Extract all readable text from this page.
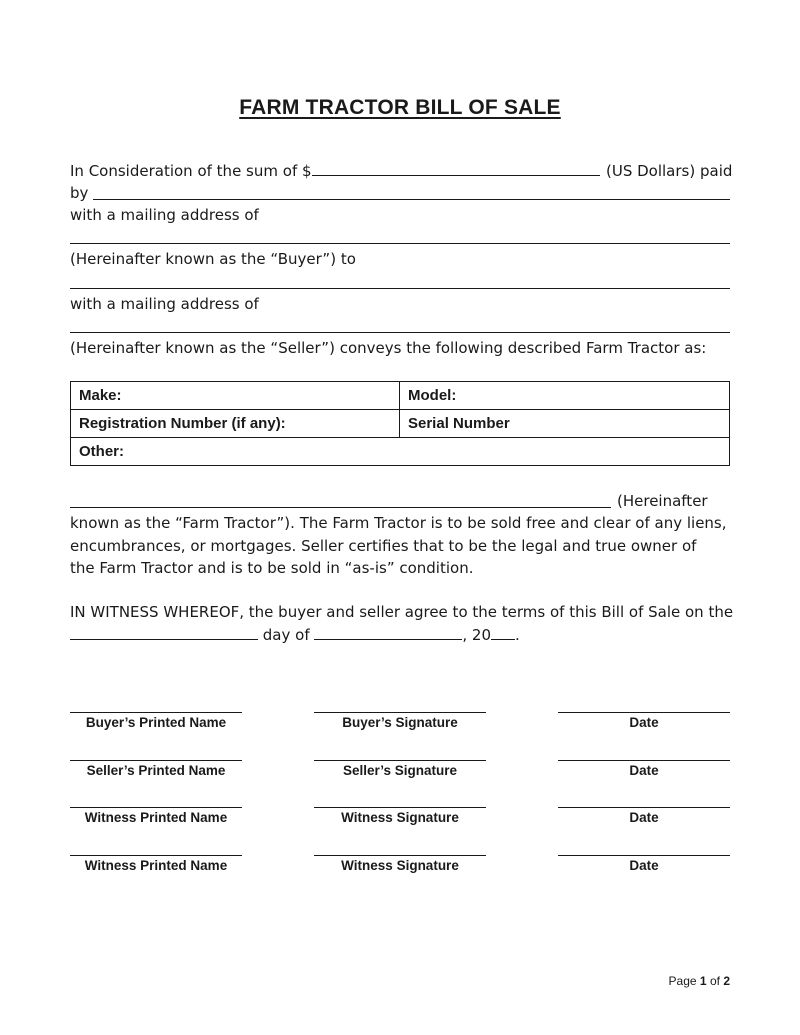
FARM TRACTOR BILL OF SALE
In Consideration of the sum of $	(US Dollars) paid
by
with a mailing address of
(Hereinafter known as the “Buyer”) to
with a mailing address of
(Hereinafter known as the “Seller”) conveys the following described Farm Tractor as:
Make:	Model:
Registration Number (if any):	Serial Number
Other:	
(Hereinafter
known as the “Farm Tractor”). The Farm Tractor is to be sold free and clear of any liens,
encumbrances, or mortgages. Seller certifies that to be the legal and true owner of
the Farm Tractor and is to be sold in “as-is” condition.
IN WITNESS WHEREOF, the buyer and seller agree to the terms of this Bill of Sale on the
day of	, 20 .
Buyer’s Printed Name	Buyer’s Signature	Date
Seller’s Printed Name	Seller’s Signature	Date
Witness Printed Name	Witness Signature	Date
Witness Printed Name	Witness Signature	Date
Page 1 of 2
